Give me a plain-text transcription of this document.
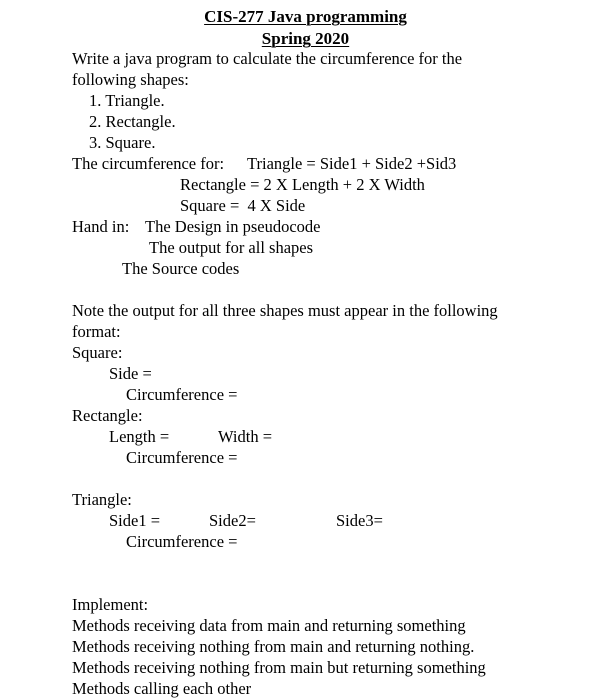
CIS-277 Java programming
Spring 2020
Write a java program to calculate the circumference for the
following shapes:
1. Triangle.
2. Rectangle.
3. Square.
The circumference for: Triangle = Side1 + Side2 +Sid3
Rectangle = 2 X Length + 2 X Width
Square =  4 X Side
Hand in: The Design in pseudocode
The output for all shapes
The Source codes
Note the output for all three shapes must appear in the following
format:
Square:
Side =
Circumference =
Rectangle:
Length =	Width =
Circumference =
Triangle:
Side1 =	Side2=	Side3=
Circumference =
Implement:
Methods receiving data from main and returning something
Methods receiving nothing from main and returning nothing.
Methods receiving nothing from main but returning something
Methods calling each other
